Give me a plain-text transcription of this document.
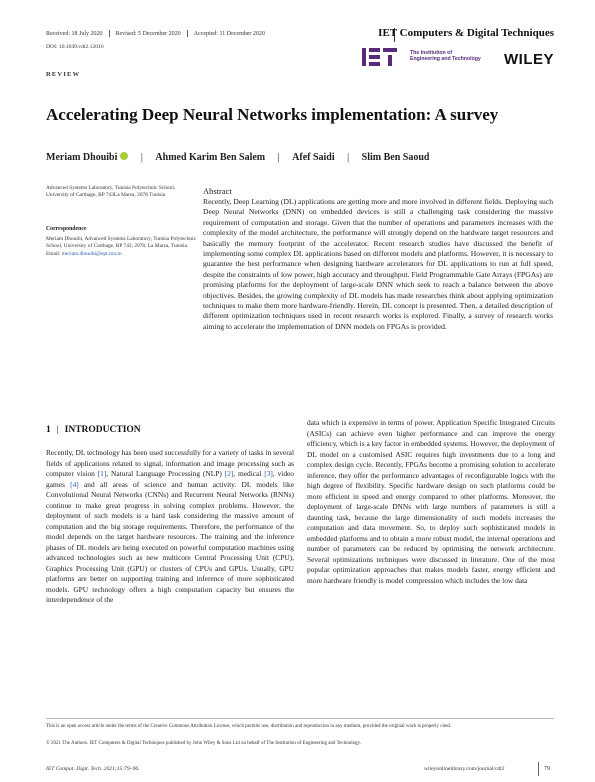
Received: 18 July 2020 Revised: 5 December 2020 Accepted: 11 December 2020	IET Computers & Digital Techniques
DOI: 10.1049/cdt2.12016
The Institution of
Engineering and Technology WILEY
REVIEW
Accelerating Deep Neural Networks implementation: A survey
Meriam Dhouibi | Ahmed Karim Ben Salem | Afef Saidi | Slim Ben Saoud
Advanced Systems Laboratory, Tunisia Polytechnic School, University of Carthage, BP 743La Marsa, 2078 Tunisia
Correspondence
Meriam Dhouibi, Advanced Systems Laboratory, Tunisia Polytechnic School, University of Carthage, BP 743, 2078, La Marsa, Tunisia.
Email: meriam.dhouibi@ept.rnu.tn
Abstract

Recently, Deep Learning (DL) applications are getting more and more involved in different fields. Deploying such Deep Neural Networks (DNN) on embedded devices is still a challenging task considering the massive requirement of computation and storage. Given that the number of operations and parameters increases with the complexity of the model architecture, the performance will strongly depend on the hardware target resources and basically the memory footprint of the accelerator. Recent research studies have discussed the benefit of implementing some complex DL applications based on different models and platforms. However, it is necessary to guarantee the best performance when designing hardware accelerators for DL applications to run at full speed, despite the constraints of low power, high accuracy and throughput. Field Programmable Gate Arrays (FPGAs) are promising platforms for the deployment of large-scale DNN which seek to reach a balance between the above objectives. Besides, the growing complexity of DL models has made researches think about applying optimization techniques to make them more hardware-friendly. Herein, DL concept is presented. Then, a detailed description of different optimization techniques used in recent research works is explored. Finally, a survey of research works aiming to accelerate the implementation of DNN models on FPGAs is provided.

1 | INTRODUCTION

Recently, DL technology has been used successfully for a variety of tasks in several fields of applications related to signal, information and image processing such as computer vision [1], Natural Language Processing (NLP) [2], medical [3], video games [4] and all areas of science and human activity. DL models like Convolutional Neural Networks (CNNs) and Recurrent Neural Networks (RNNs) continue to make great progress in solving complex problems. However, the deployment of such models is a hard task considering the massive amount of computation and the big storage requirements. Therefore, the performance of the model depends on the target hardware resources. The training and the inference phases of DL models are being executed on powerful computation machines using advanced technologies such as new multicore Central Processing Unit (CPU), Graphics Processing Unit (GPU) or clusters of CPUs and GPUs. Usually, GPU platforms are better on supporting training and inference of more sophisticated models. GPU technology offers a high computation capacity but ensures the interdependence of the

data which is expensive in terms of power. Application Specific Integrated Circuits (ASICs) can achieve even higher performance and can improve the energy efficiency, which is a key factor in embedded systems. However, the deployment of DL model on a customised ASIC requires high investments due to a long and complex design cycle. Recently, FPGAs become a promising solution to accelerate inference, they offer the performance advantages of reconfigurable logics with the high degree of flexibility. Specific hardware design on such platforms could be more efficient in speed and energy compared to other platforms. Moreover, the deployment of large-scale DNNs with large numbers of parameters is still a daunting task, because the large dimensionality of such models increases the computation and data movement. So, to deploy such sophisticated models in embedded platforms and to obtain a more robust model, the internal operations and number of parameters can be reduced by optimising the network architecture. Several optimizations techniques were discussed in literature. One of the most popular optimization approaches that makes models faster, energy efficient and more hardware friendly is model compression which includes the low data

This is an open access article under the terms of the Creative Commons Attribution License, which permits use, distribution and reproduction in any medium, provided the original work is properly cited.
© 2021 The Authors. IET Computers & Digital Techniques published by John Wiley & Sons Ltd on behalf of The Institution of Engineering and Technology.
IET Comput. Digit. Tech. 2021;15:79–96.	wileyonlinelibrary.com/journal/cdt2	79
